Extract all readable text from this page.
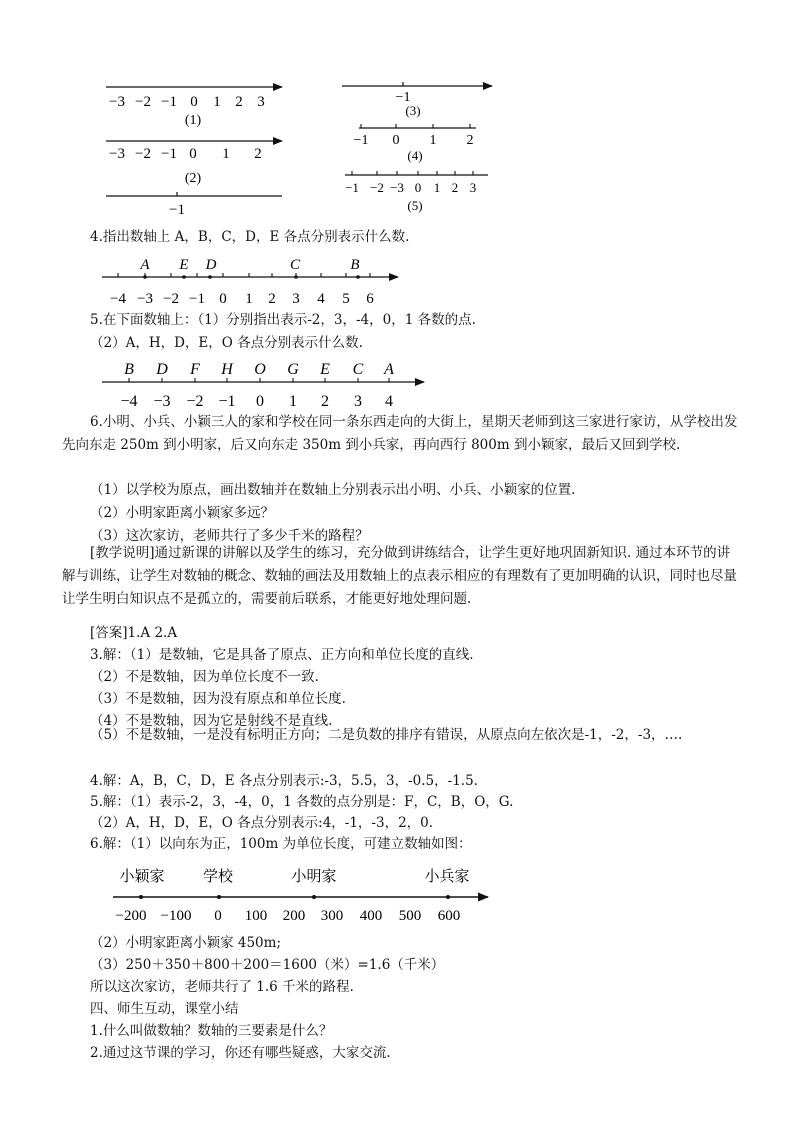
−3 −2 −1 0 1 2 3
(1)
−3 −2 −1 0 1 2
(2)
−1
−1
(3)
−1 0 1 2
(4)
−1 −2 −3 0 1 2 3
(5)
4.指出数轴上 A，B，C，D，E 各点分别表示什么数.
A E D	C	B
−4 −3 −2 −1 0 1 2 3 4 5 6
5.在下面数轴上：（1）分别指出表示-2，3，-4，0，1 各数的点.
（2）A，H，D，E，O 各点分别表示什么数.
B D F H O G E C A
−4 −3 −2 −1 0 1 2 3 4
6.小明、小兵、小颖三人的家和学校在同一条东西走向的大街上，星期天老师到这三家进行家访，从学校出发先向东走 250m 到小明家，后又向东走 350m 到小兵家，再向西行 800m 到小颖家，最后又回到学校.
（1）以学校为原点，画出数轴并在数轴上分别表示出小明、小兵、小颖家的位置.
（2）小明家距离小颖家多远？
（3）这次家访，老师共行了多少千米的路程？
[教学说明]通过新课的讲解以及学生的练习，充分做到讲练结合，让学生更好地巩固新知识. 通过本环节的讲解与训练，让学生对数轴的概念、数轴的画法及用数轴上的点表示相应的有理数有了更加明确的认识，同时也尽量让学生明白知识点不是孤立的，需要前后联系，才能更好地处理问题.
[答案]1.A 2.A
3.解：（1）是数轴，它是具备了原点、正方向和单位长度的直线.
（2）不是数轴，因为单位长度不一致.
（3）不是数轴，因为没有原点和单位长度.
（4）不是数轴，因为它是射线不是直线.
（5）不是数轴，一是没有标明正方向；二是负数的排序有错误，从原点向左依次是-1，-2，-3，….
4.解：A，B，C，D，E 各点分别表示:-3，5.5，3，-0.5，-1.5.
5.解：（1）表示-2，3，-4，0，1 各数的点分别是：F，C，B，O，G.
（2）A，H，D，E，O 各点分别表示:4，-1，-3，2，0.
6.解：（1）以向东为正，100m 为单位长度，可建立数轴如图：
小颖家	学校	小明家	小兵家
−200 −100 0 100 200 300 400 500 600
（2）小明家距离小颖家 450m;
（3）250＋350＋800＋200＝1600（米）=1.6（千米）
所以这次家访，老师共行了 1.6 千米的路程.
四、师生互动，课堂小结
1.什么叫做数轴？数轴的三要素是什么？
2.通过这节课的学习，你还有哪些疑惑，大家交流.
